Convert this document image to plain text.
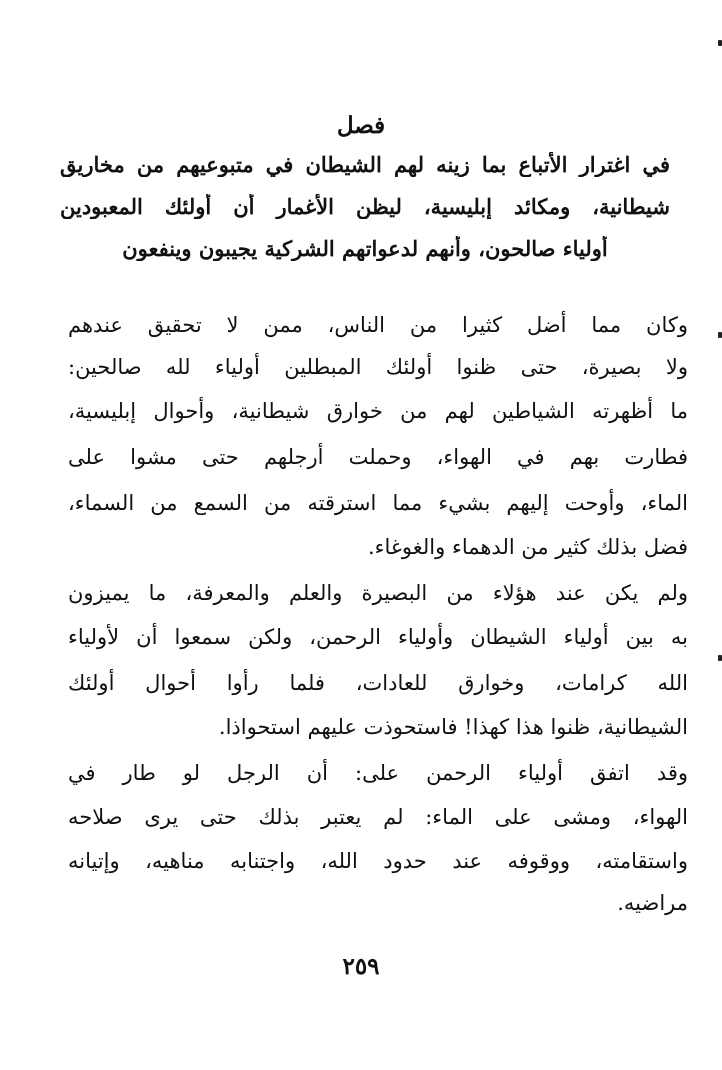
فصل
في اغترار الأتباع بما زينه لهم الشيطان في متبوعيهم من مخاريق
شيطانية، ومكائد إبليسية، ليظن الأغمار أن أولئك المعبودين
أولياء صالحون، وأنهم لدعواتهم الشركية يجيبون وينفعون
وكان مما أضل كثيرا من الناس، ممن لا تحقيق عندهم
ولا بصيرة، حتى ظنوا أولئك المبطلين أولياء لله صالحين:
ما أظهرته الشياطين لهم من خوارق شيطانية، وأحوال إبليسية،
فطارت بهم في الهواء، وحملت أرجلهم حتى مشوا على
الماء، وأوحت إليهم بشيء مما استرقته من السمع من السماء،
فضل بذلك كثير من الدهماء والغوغاء.
ولم يكن عند هؤلاء من البصيرة والعلم والمعرفة، ما يميزون
به بين أولياء الشيطان وأولياء الرحمن، ولكن سمعوا أن لأولياء
الله كرامات، وخوارق للعادات، فلما رأوا أحوال أولئك
الشيطانية، ظنوا هذا كهذا! فاستحوذت عليهم استحواذا.
وقد اتفق أولياء الرحمن على: أن الرجل لو طار في
الهواء، ومشى على الماء: لم يعتبر بذلك حتى يرى صلاحه
واستقامته، ووقوفه عند حدود الله، واجتنابه مناهيه، وإتيانه
مراضيه.
٢٥٩
